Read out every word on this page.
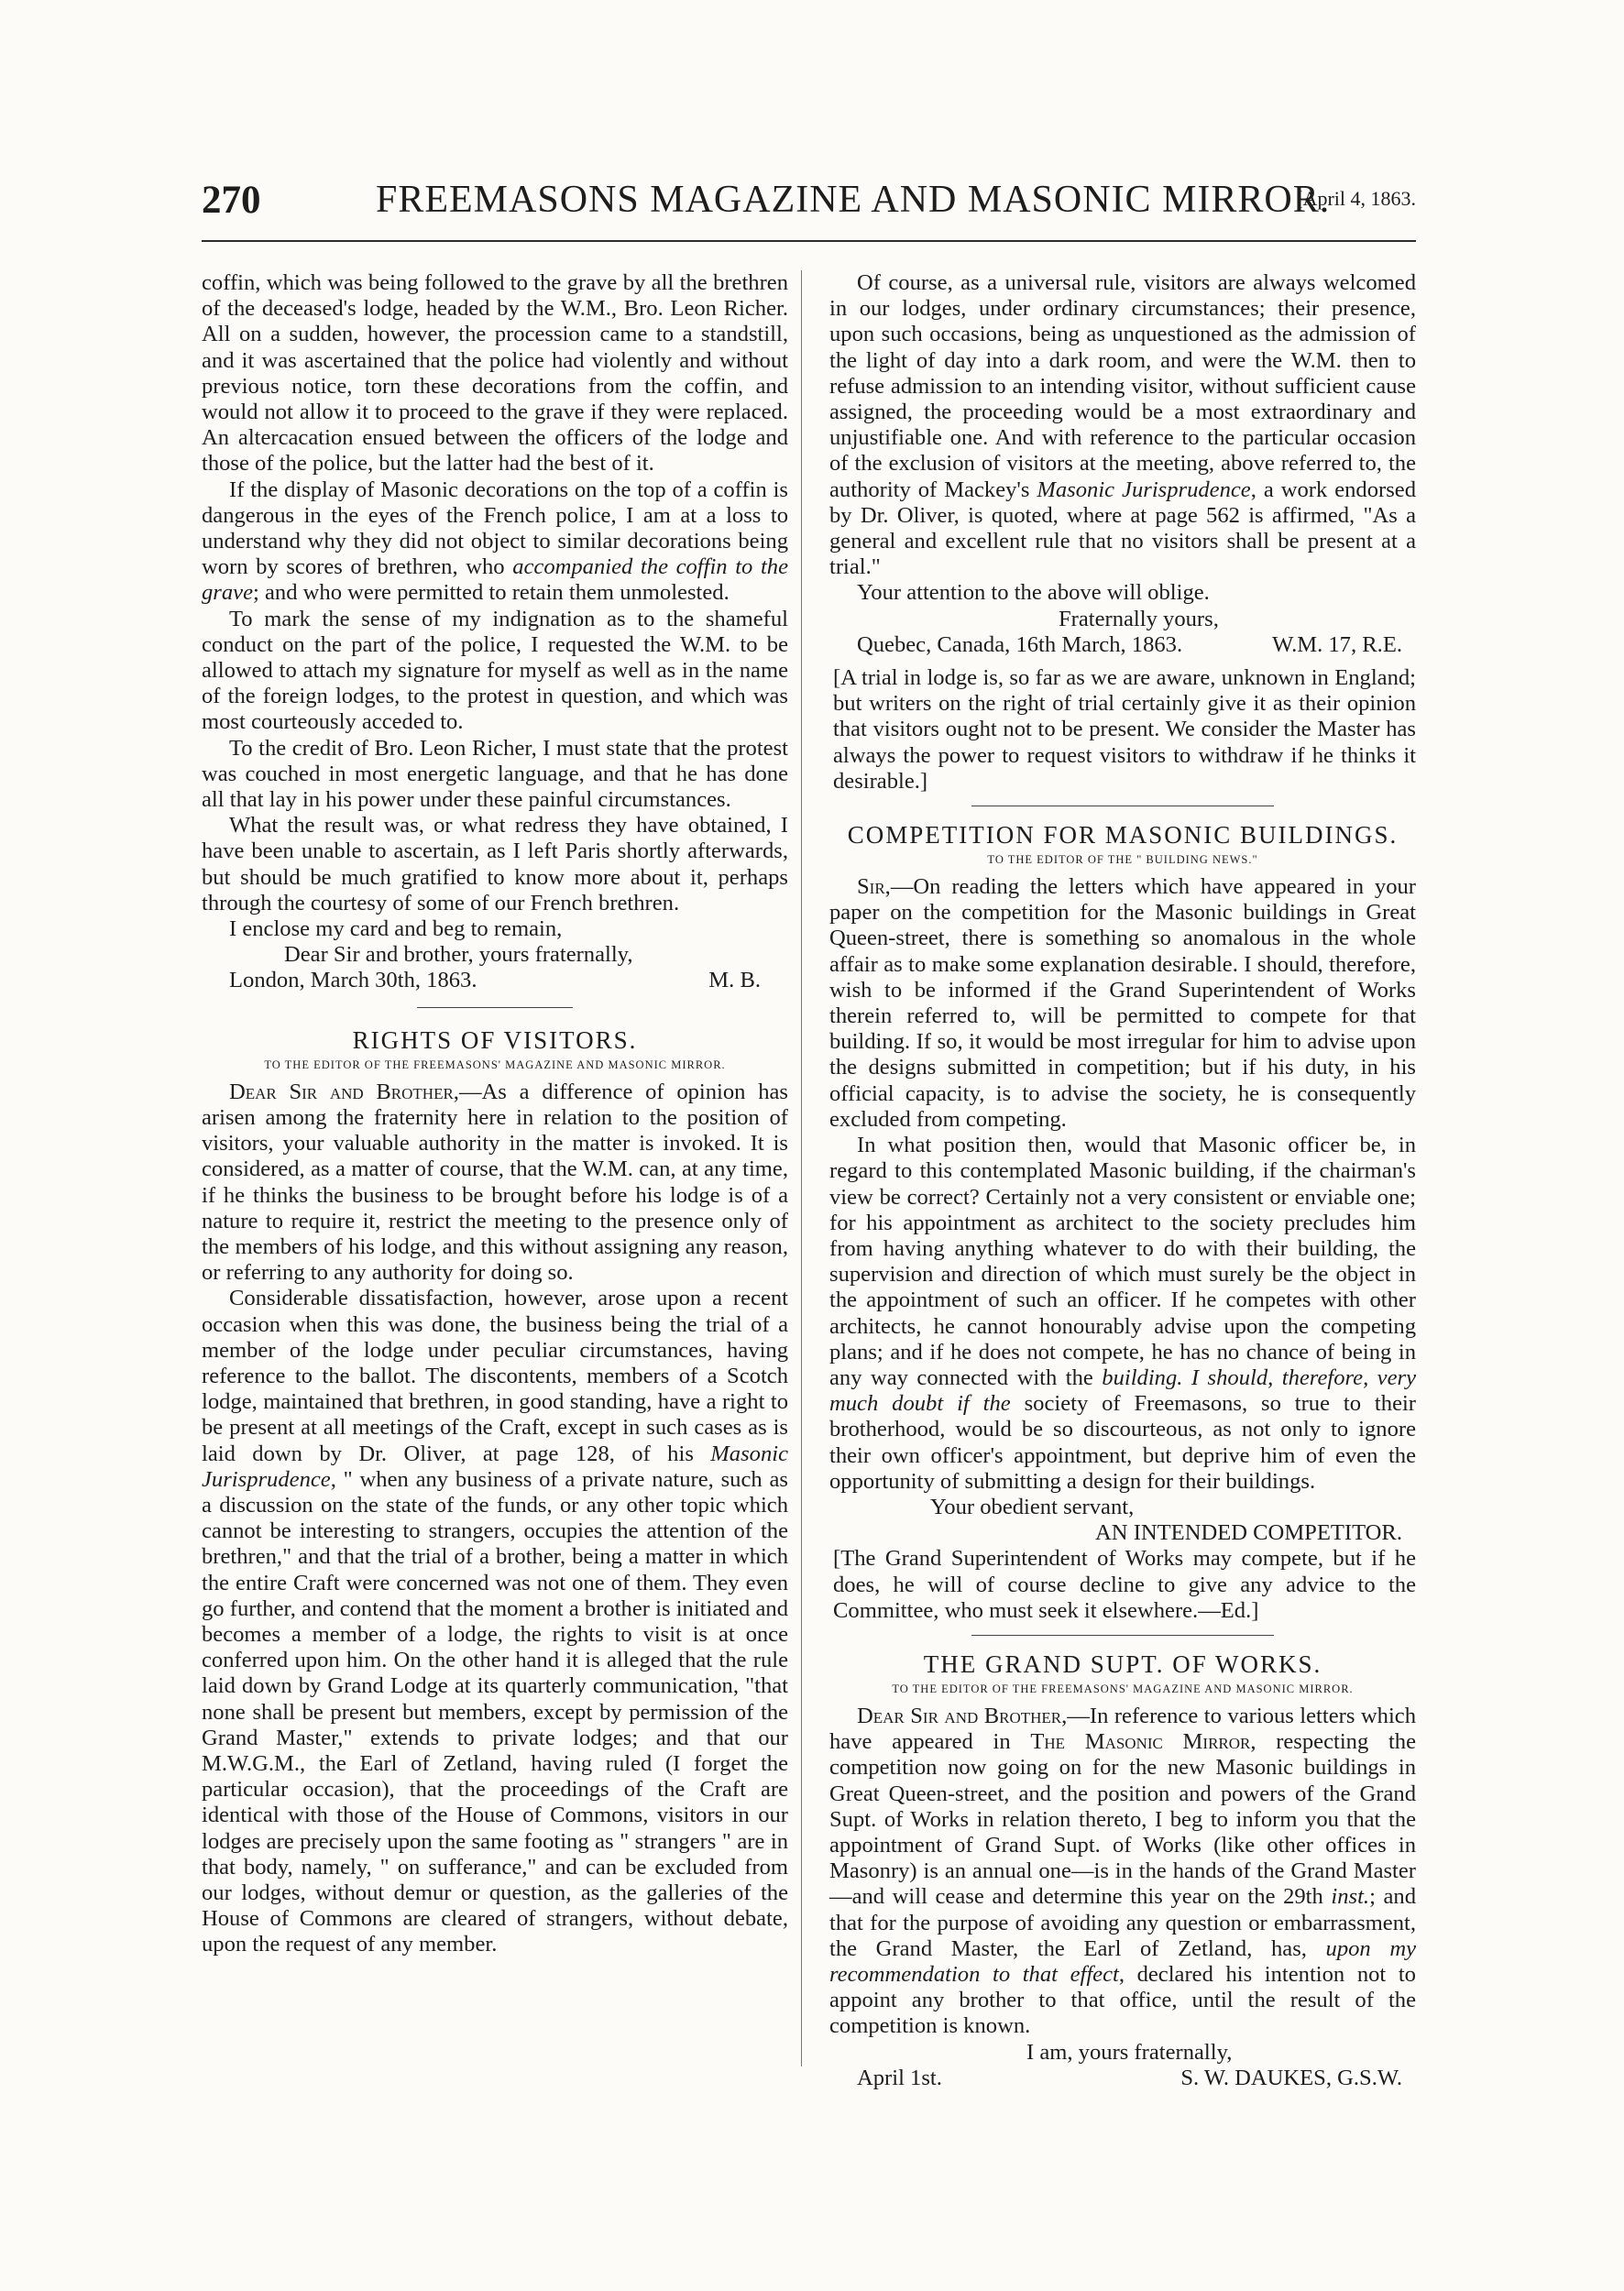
270	FREEMASONS MAGAZINE AND MASONIC MIRROR.
[April 4, 1863.

coffin, which was being followed to the grave by all the brethren of the deceased's lodge, headed by the W.M., Bro. Leon Richer. All on a sudden, however, the procession came to a standstill, and it was ascertained that the police had violently and without previous notice, torn these decorations from the coffin, and would not allow it to proceed to the grave if they were replaced. An altercacation ensued between the officers of the lodge and those of the police, but the latter had the best of it.

If the display of Masonic decorations on the top of a coffin is dangerous in the eyes of the French police, I am at a loss to understand why they did not object to similar decorations being worn by scores of brethren, who accompanied the coffin to the grave; and who were permitted to retain them unmolested.

To mark the sense of my indignation as to the shameful conduct on the part of the police, I requested the W.M. to be allowed to attach my signature for myself as well as in the name of the foreign lodges, to the protest in question, and which was most courteously acceded to.

To the credit of Bro. Leon Richer, I must state that the protest was couched in most energetic language, and that he has done all that lay in his power under these painful circumstances.

What the result was, or what redress they have obtained, I have been unable to ascertain, as I left Paris shortly afterwards, but should be much gratified to know more about it, perhaps through the courtesy of some of our French brethren.

I enclose my card and beg to remain,

Dear Sir and brother, yours fraternally,
London, March 30th, 1863.	M. B.
RIGHTS OF VISITORS.
TO THE EDITOR OF THE FREEMASONS' MAGAZINE AND MASONIC MIRROR.

Dear Sir and Brother,—As a difference of opinion has arisen among the fraternity here in relation to the position of visitors, your valuable authority in the matter is invoked. It is considered, as a matter of course, that the W.M. can, at any time, if he thinks the business to be brought before his lodge is of a nature to require it, restrict the meeting to the presence only of the members of his lodge, and this without assigning any reason, or referring to any authority for doing so.

Considerable dissatisfaction, however, arose upon a recent occasion when this was done, the business being the trial of a member of the lodge under peculiar circumstances, having reference to the ballot. The discontents, members of a Scotch lodge, maintained that brethren, in good standing, have a right to be present at all meetings of the Craft, except in such cases as is laid down by Dr. Oliver, at page 128, of his Masonic Jurisprudence, " when any business of a private nature, such as a discussion on the state of the funds, or any other topic which cannot be interesting to strangers, occupies the attention of the brethren," and that the trial of a brother, being a matter in which the entire Craft were concerned was not one of them. They even go further, and contend that the moment a brother is initiated and becomes a member of a lodge, the rights to visit is at once conferred upon him. On the other hand it is alleged that the rule laid down by Grand Lodge at its quarterly communication, "that none shall be present but members, except by permission of the Grand Master," extends to private lodges; and that our M.W.G.M., the Earl of Zetland, having ruled (I forget the particular occasion), that the proceedings of the Craft are identical with those of the House of Commons, visitors in our lodges are precisely upon the same footing as " strangers " are in that body, namely, " on sufferance," and can be excluded from our lodges, without demur or question, as the galleries of the House of Commons are cleared of strangers, without debate, upon the request of any member.

Of course, as a universal rule, visitors are always welcomed in our lodges, under ordinary circumstances; their presence, upon such occasions, being as unquestioned as the admission of the light of day into a dark room, and were the W.M. then to refuse admission to an intending visitor, without sufficient cause assigned, the proceeding would be a most extraordinary and unjustifiable one. And with reference to the particular occasion of the exclusion of visitors at the meeting, above referred to, the authority of Mackey's Masonic Jurisprudence, a work endorsed by Dr. Oliver, is quoted, where at page 562 is affirmed, "As a general and excellent rule that no visitors shall be present at a trial."

Your attention to the above will oblige.

Fraternally yours,
Quebec, Canada, 16th March, 1863.	W.M. 17, R.E.

[A trial in lodge is, so far as we are aware, unknown in England; but writers on the right of trial certainly give it as their opinion that visitors ought not to be present. We consider the Master has always the power to request visitors to withdraw if he thinks it desirable.]

COMPETITION FOR MASONIC BUILDINGS.
TO THE EDITOR OF THE " BUILDING NEWS."

Sir,—On reading the letters which have appeared in your paper on the competition for the Masonic buildings in Great Queen-street, there is something so anomalous in the whole affair as to make some explanation desirable. I should, therefore, wish to be informed if the Grand Superintendent of Works therein referred to, will be permitted to compete for that building. If so, it would be most irregular for him to advise upon the designs submitted in competition; but if his duty, in his official capacity, is to advise the society, he is consequently excluded from competing.

In what position then, would that Masonic officer be, in regard to this contemplated Masonic building, if the chairman's view be correct? Certainly not a very consistent or enviable one; for his appointment as architect to the society precludes him from having anything whatever to do with their building, the supervision and direction of which must surely be the object in the appointment of such an officer. If he competes with other architects, he cannot honourably advise upon the competing plans; and if he does not compete, he has no chance of being in any way connected with the building. I should, therefore, very much doubt if the society of Freemasons, so true to their brotherhood, would be so discourteous, as not only to ignore their own officer's appointment, but deprive him of even the opportunity of submitting a design for their buildings.

Your obedient servant,
AN INTENDED COMPETITOR.

[The Grand Superintendent of Works may compete, but if he does, he will of course decline to give any advice to the Committee, who must seek it elsewhere.—Ed.]

THE GRAND SUPT. OF WORKS.
TO THE EDITOR OF THE FREEMASONS' MAGAZINE AND MASONIC MIRROR.

Dear Sir and Brother,—In reference to various letters which have appeared in The Masonic Mirror, respecting the competition now going on for the new Masonic buildings in Great Queen-street, and the position and powers of the Grand Supt. of Works in relation thereto, I beg to inform you that the appointment of Grand Supt. of Works (like other offices in Masonry) is an annual one—is in the hands of the Grand Master—and will cease and determine this year on the 29th inst.; and that for the purpose of avoiding any question or embarrassment, the Grand Master, the Earl of Zetland, has, upon my recommendation to that effect, declared his intention not to appoint any brother to that office, until the result of the competition is known.

I am, yours fraternally,
April 1st.	S. W. DAUKES, G.S.W.
